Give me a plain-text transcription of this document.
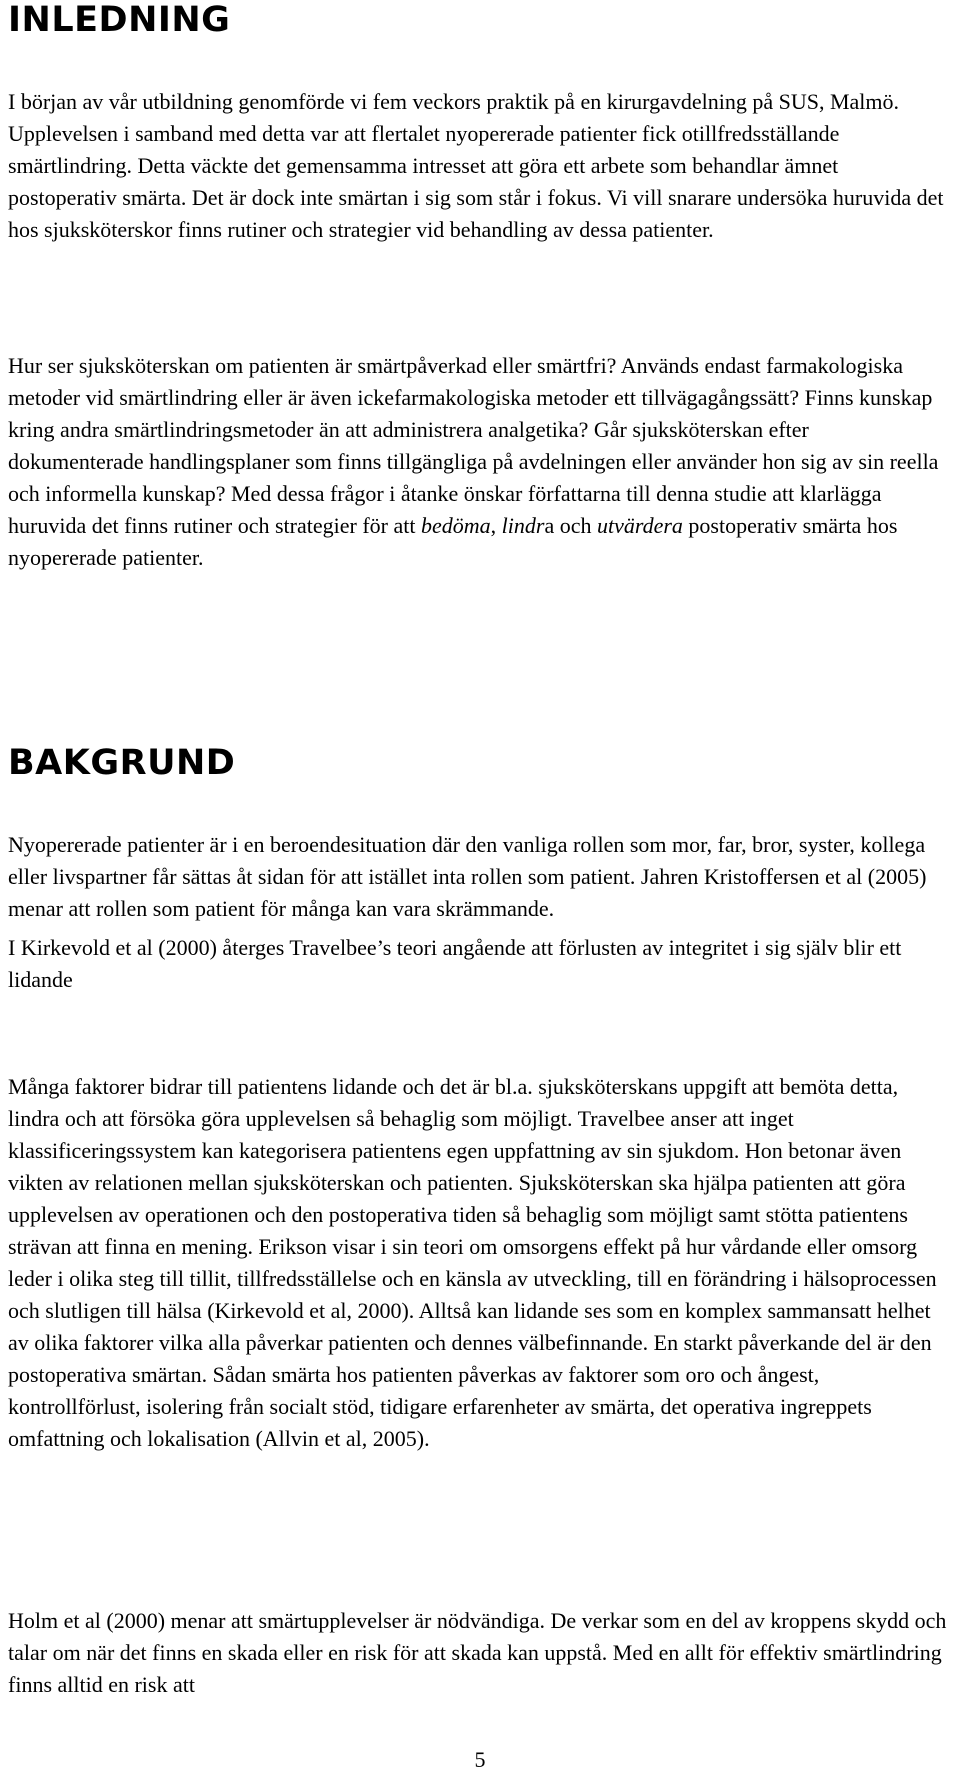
INLEDNING

I början av vår utbildning genomförde vi fem veckors praktik på en kirurgavdelning på SUS, Malmö. Upplevelsen i samband med detta var att flertalet nyopererade patienter fick otillfredsställande smärtlindring. Detta väckte det gemensamma intresset att göra ett arbete som behandlar ämnet postoperativ smärta. Det är dock inte smärtan i sig som står i fokus. Vi vill snarare undersöka huruvida det hos sjuksköterskor finns rutiner och strategier vid behandling av dessa patienter.

Hur ser sjuksköterskan om patienten är smärtpåverkad eller smärtfri? Används endast farmakologiska metoder vid smärtlindring eller är även ickefarmakologiska metoder ett tillvägagångssätt? Finns kunskap kring andra smärtlindringsmetoder än att administrera analgetika? Går sjuksköterskan efter dokumenterade handlingsplaner som finns tillgängliga på avdelningen eller använder hon sig av sin reella och informella kunskap? Med dessa frågor i åtanke önskar författarna till denna studie att klarlägga huruvida det finns rutiner och strategier för att bedöma, lindra och utvärdera postoperativ smärta hos nyopererade patienter.

BAKGRUND

Nyopererade patienter är i en beroendesituation där den vanliga rollen som mor, far, bror, syster, kollega eller livspartner får sättas åt sidan för att istället inta rollen som patient. Jahren Kristoffersen et al (2005) menar att rollen som patient för många kan vara skrämmande.

I Kirkevold et al (2000) återges Travelbee’s teori angående att förlusten av integritet i sig själv blir ett lidande

Många faktorer bidrar till patientens lidande och det är bl.a. sjuksköterskans uppgift att bemöta detta, lindra och att försöka göra upplevelsen så behaglig som möjligt. Travelbee anser att inget klassificeringssystem kan kategorisera patientens egen uppfattning av sin sjukdom. Hon betonar även vikten av relationen mellan sjuksköterskan och patienten. Sjuksköterskan ska hjälpa patienten att göra upplevelsen av operationen och den postoperativa tiden så behaglig som möjligt samt stötta patientens strävan att finna en mening. Erikson visar i sin teori om omsorgens effekt på hur vårdande eller omsorg leder i olika steg till tillit, tillfredsställelse och en känsla av utveckling, till en förändring i hälsoprocessen och slutligen till hälsa (Kirkevold et al, 2000). Alltså kan lidande ses som en komplex sammansatt helhet av olika faktorer vilka alla påverkar patienten och dennes välbefinnande. En starkt påverkande del är den postoperativa smärtan. Sådan smärta hos patienten påverkas av faktorer som oro och ångest, kontrollförlust, isolering från socialt stöd, tidigare erfarenheter av smärta, det operativa ingreppets omfattning och lokalisation (Allvin et al, 2005).

Holm et al (2000) menar att smärtupplevelser är nödvändiga. De verkar som en del av kroppens skydd och talar om när det finns en skada eller en risk för att skada kan uppstå. Med en allt för effektiv smärtlindring finns alltid en risk att

5
